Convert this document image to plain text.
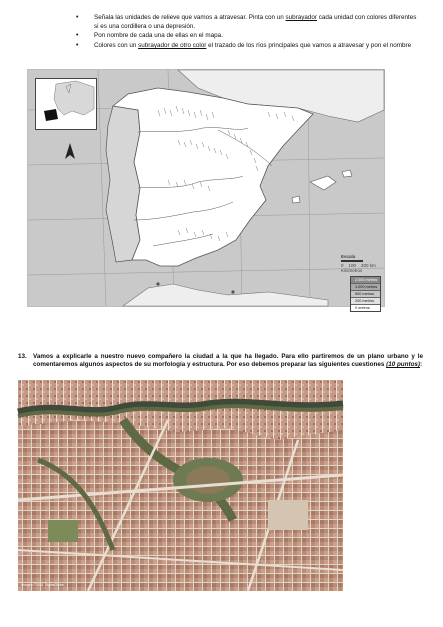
• Señala las unidades de relieve que vamos a atravesar. Pinta con un subrayador cada unidad con colores diferentes si es una cordillera o una depresión.
• Pon nombre de cada una de ellas en el mapa.
• Colores con un subrayador de otro color el trazado de los ríos principales que vamos a atravesar y pon el nombre
Escala
0 100 200 km
Kilómetros
2.000 metros
1.000 metros
500 metros
200 metros
0 metros
13. Vamos a explicarle a nuestro nuevo compañero la ciudad a la que ha llegado. Para ello partiremos de un plano urbano y le comentaremos algunos aspectos de su morfología y estructura. Por eso debemos preparar las siguientes cuestiones (10 puntos):
Imagen ©2011 DigitalGlobe
